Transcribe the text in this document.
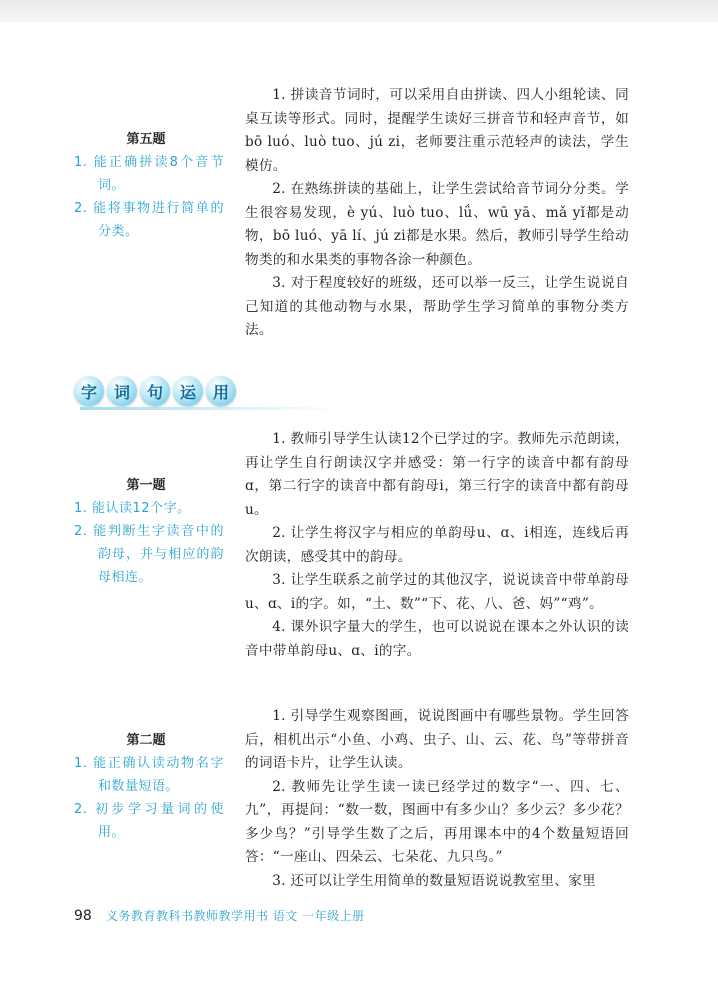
第五题
1. 能正确拼读8个音节词。
2. 能将事物进行简单的分类。

1. 拼读音节词时，可以采用自由拼读、四人小组轮读、同桌互读等形式。同时，提醒学生读好三拼音节和轻声音节，如bō luó、luò tuo、jú zi，老师要注重示范轻声的读法，学生模仿。

2. 在熟练拼读的基础上，让学生尝试给音节词分分类。学生很容易发现，è yú、luò tuo、lǘ、wū yā、mǎ yǐ都是动物，bō luó、yā lí、jú zi都是水果。然后，教师引导学生给动物类的和水果类的事物各涂一种颜色。

3. 对于程度较好的班级，还可以举一反三，让学生说说自己知道的其他动物与水果，帮助学生学习简单的事物分类方法。

字	词	句	运	用
第一题
1. 能认读12个字。
2. 能判断生字读音中的韵母，并与相应的韵母相连。

1. 教师引导学生认读12个已学过的字。教师先示范朗读，再让学生自行朗读汉字并感受：第一行字的读音中都有韵母ɑ，第二行字的读音中都有韵母i，第三行字的读音中都有韵母u。

2. 让学生将汉字与相应的单韵母u、ɑ、i相连，连线后再次朗读，感受其中的韵母。

3. 让学生联系之前学过的其他汉字，说说读音中带单韵母u、ɑ、i的字。如，“土、数”“下、花、八、爸、妈”“鸡”。

4. 课外识字量大的学生，也可以说说在课本之外认识的读音中带单韵母u、ɑ、i的字。

第二题
1. 能正确认读动物名字和数量短语。
2. 初步学习量词的使用。

1. 引导学生观察图画，说说图画中有哪些景物。学生回答后，相机出示“小鱼、小鸡、虫子、山、云、花、鸟”等带拼音的词语卡片，让学生认读。

2. 教师先让学生读一读已经学过的数字“一、四、七、九”，再提问：“数一数，图画中有多少山？多少云？多少花？多少鸟？”引导学生数了之后，再用课本中的4个数量短语回答：“一座山、四朵云、七朵花、九只鸟。”

3. 还可以让学生用简单的数量短语说说教室里、家里

98 义务教育教科书教师教学用书 语文 一年级上册
